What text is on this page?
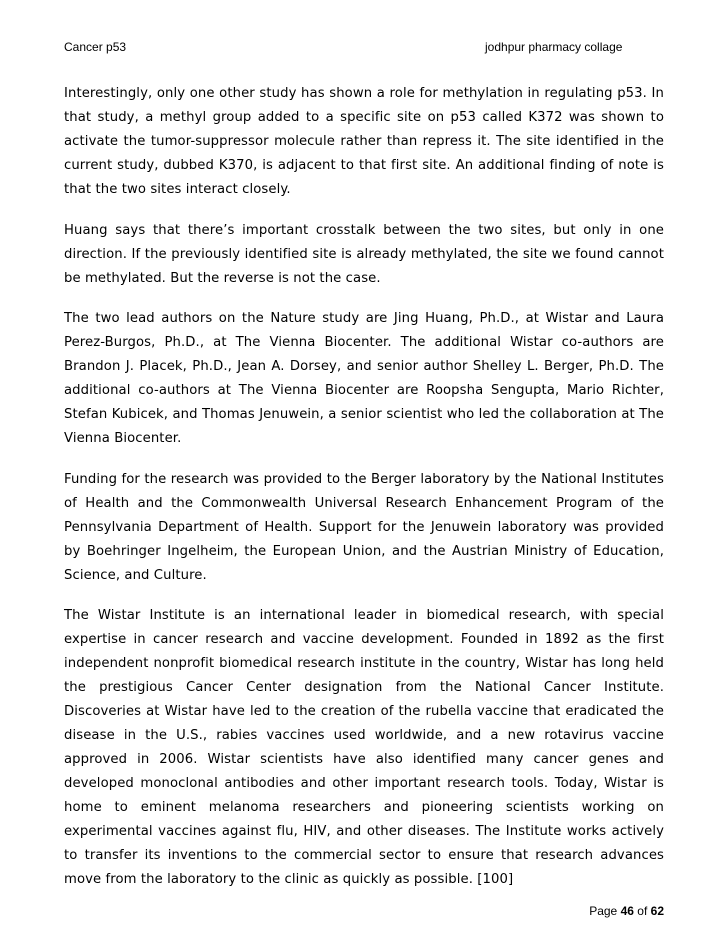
Cancer p53	jodhpur pharmacy collage

Interestingly, only one other study has shown a role for methylation in regulating p53. In that study, a methyl group added to a specific site on p53 called K372 was shown to activate the tumor-suppressor molecule rather than repress it. The site identified in the current study, dubbed K370, is adjacent to that first site. An additional finding of note is that the two sites interact closely.

Huang says that there’s important crosstalk between the two sites, but only in one direction. If the previously identified site is already methylated, the site we found cannot be methylated. But the reverse is not the case.

The two lead authors on the Nature study are Jing Huang, Ph.D., at Wistar and Laura Perez-Burgos, Ph.D., at The Vienna Biocenter. The additional Wistar co-authors are Brandon J. Placek, Ph.D., Jean A. Dorsey, and senior author Shelley L. Berger, Ph.D. The additional co-authors at The Vienna Biocenter are Roopsha Sengupta, Mario Richter, Stefan Kubicek, and Thomas Jenuwein, a senior scientist who led the collaboration at The Vienna Biocenter.

Funding for the research was provided to the Berger laboratory by the National Institutes of Health and the Commonwealth Universal Research Enhancement Program of the Pennsylvania Department of Health. Support for the Jenuwein laboratory was provided by Boehringer Ingelheim, the European Union, and the Austrian Ministry of Education, Science, and Culture.

The Wistar Institute is an international leader in biomedical research, with special expertise in cancer research and vaccine development. Founded in 1892 as the first independent nonprofit biomedical research institute in the country, Wistar has long held the prestigious Cancer Center designation from the National Cancer Institute. Discoveries at Wistar have led to the creation of the rubella vaccine that eradicated the disease in the U.S., rabies vaccines used worldwide, and a new rotavirus vaccine approved in 2006. Wistar scientists have also identified many cancer genes and developed monoclonal antibodies and other important research tools. Today, Wistar is home to eminent melanoma researchers and pioneering scientists working on experimental vaccines against flu, HIV, and other diseases. The Institute works actively to transfer its inventions to the commercial sector to ensure that research advances move from the laboratory to the clinic as quickly as possible. [100]

Page 46 of 62
